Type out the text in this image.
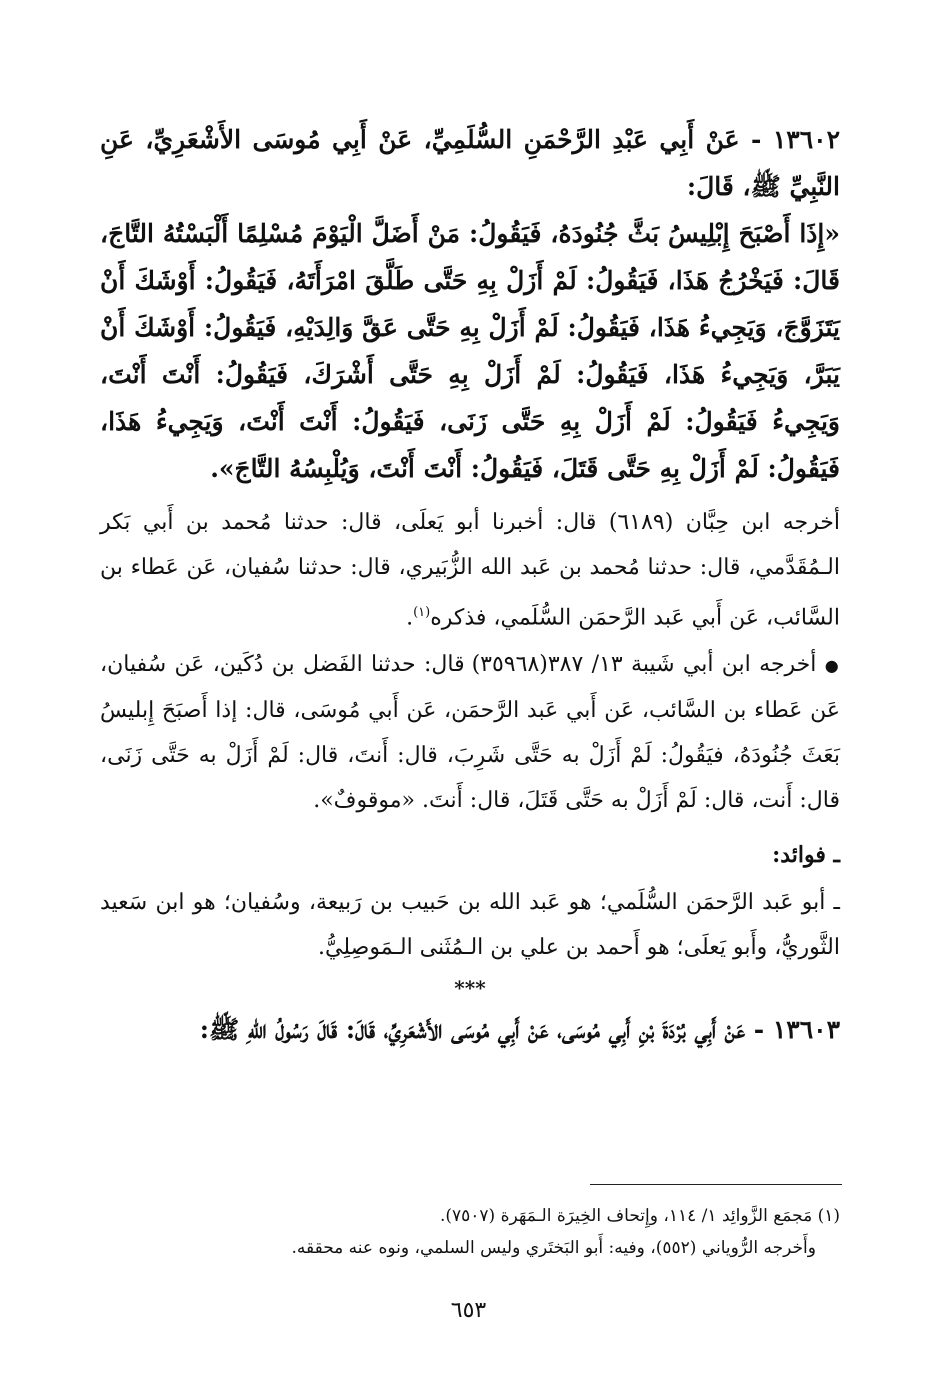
١٣٦٠٢ - عَنْ أَبِي عَبْدِ الرَّحْمَنِ السُّلَمِيِّ، عَنْ أَبِي مُوسَى الأَشْعَرِيِّ، عَنِ النَّبِيِّ ﷺ، قَالَ:

«إِذَا أَصْبَحَ إِبْلِيسُ بَثَّ جُنُودَهُ، فَيَقُولُ: مَنْ أَضَلَّ الْيَوْمَ مُسْلِمًا أَلْبَسْتُهُ التَّاجَ، قَالَ: فَيَخْرُجُ هَذَا، فَيَقُولُ: لَمْ أَزَلْ بِهِ حَتَّى طَلَّقَ امْرَأَتَهُ، فَيَقُولُ: أَوْشَكَ أَنْ يَتَزَوَّجَ، وَيَجِيءُ هَذَا، فَيَقُولُ: لَمْ أَزَلْ بِهِ حَتَّى عَقَّ وَالِدَيْهِ، فَيَقُولُ: أَوْشَكَ أَنْ يَبَرَّ، وَيَجِيءُ هَذَا، فَيَقُولُ: لَمْ أَزَلْ بِهِ حَتَّى أَشْرَكَ، فَيَقُولُ: أَنْتَ أَنْتَ، وَيَجِيءُ فَيَقُولُ: لَمْ أَزَلْ بِهِ حَتَّى زَنَى، فَيَقُولُ: أَنْتَ أَنْتَ، وَيَجِيءُ هَذَا، فَيَقُولُ: لَمْ أَزَلْ بِهِ حَتَّى قَتَلَ، فَيَقُولُ: أَنْتَ أَنْتَ، وَيُلْبِسُهُ التَّاجَ».

أخرجه ابن حِبَّان (٦١٨٩) قال: أخبرنا أبو يَعلَى، قال: حدثنا مُحمد بن أَبي بَكر الـمُقَدَّمي، قال: حدثنا مُحمد بن عَبد الله الزُّبَيري، قال: حدثنا سُفيان، عَن عَطاء بن السَّائب، عَن أَبي عَبد الرَّحمَن السُّلَمي، فذكره$^{(١)}$.

● أخرجه ابن أبي شَيبة ١٣/ ٣٨٧(٣٥٩٦٨) قال: حدثنا الفَضل بن دُكَين، عَن سُفيان، عَن عَطاء بن السَّائب، عَن أَبي عَبد الرَّحمَن، عَن أَبي مُوسَى، قال: إذا أَصبَحَ إِبليسُ بَعَثَ جُنُودَهُ، فيَقُولُ: لَمْ أَزَلْ به حَتَّى شَرِبَ، قال: أَنتَ، قال: لَمْ أَزَلْ به حَتَّى زَنَى، قال: أَنت، قال: لَمْ أَزَلْ به حَتَّى قَتَلَ، قال: أَنتَ. «موقوفٌ».

ـ فوائد:

ـ أبو عَبد الرَّحمَن السُّلَمي؛ هو عَبد الله بن حَبيب بن رَبيعة، وسُفيان؛ هو ابن سَعيد الثَّوريُّ، وأَبو يَعلَى؛ هو أَحمد بن علي بن الـمُثَنى الـمَوصِلِيُّ.

***

١٣٦٠٣ - عَنْ أَبِي بُرْدَةَ بْنِ أَبِي مُوسَى، عَنْ أَبِي مُوسَى الأَشْعَرِيِّ، قَالَ: قَالَ رَسُولُ اللهِ ﷺ:

(١) مَجمَع الزَّوائِد ١/ ١١٤، وإِتحاف الخِيرَة الـمَهَرة (٧٥٠٧).

وأَخرجه الرُّوياني (٥٥٢)، وفيه: أَبو البَختَري وليس السلمي، ونوه عنه محققه.

٦٥٣
